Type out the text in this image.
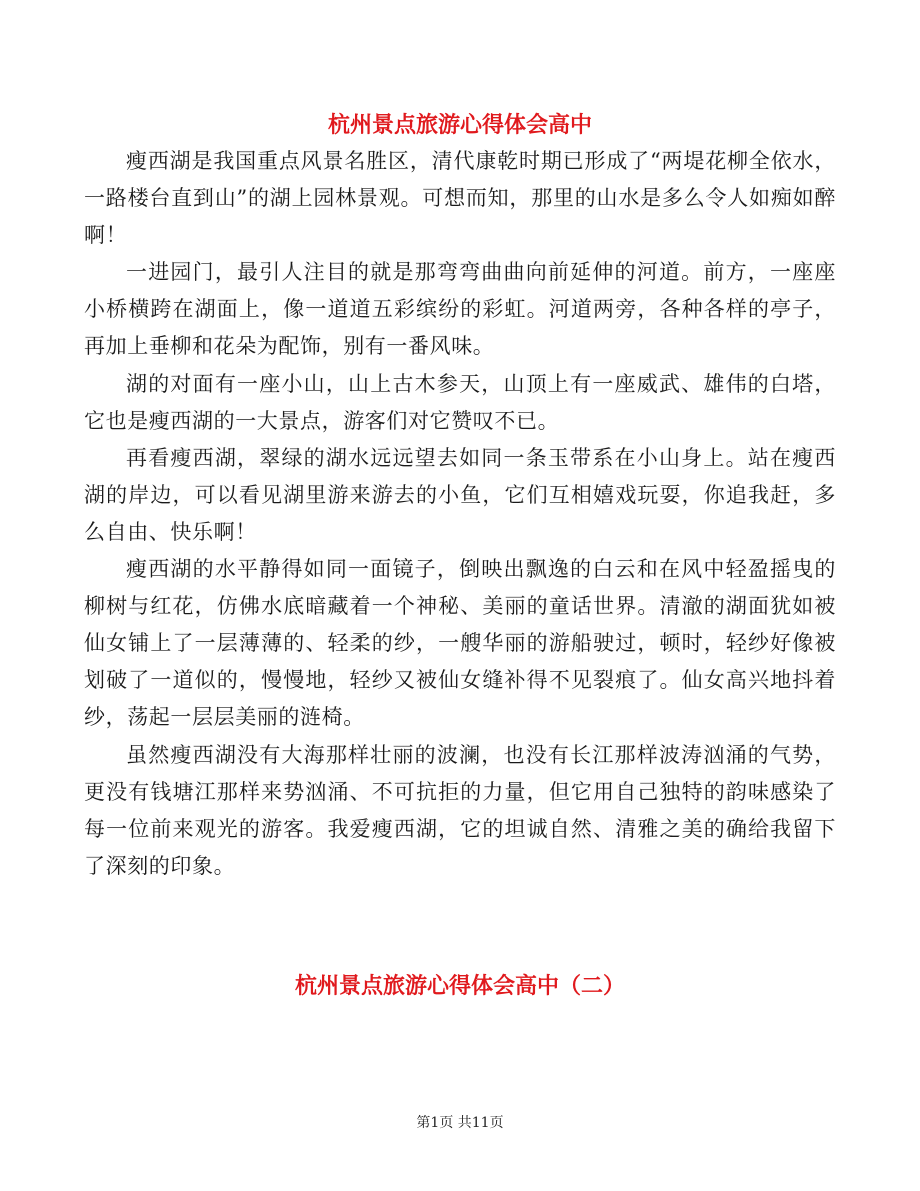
杭州景点旅游心得体会高中

瘦西湖是我国重点风景名胜区，清代康乾时期已形成了“两堤花柳全依水，一路楼台直到山”的湖上园林景观。可想而知，那里的山水是多么令人如痴如醉啊！

一进园门，最引人注目的就是那弯弯曲曲向前延伸的河道。前方，一座座小桥横跨在湖面上，像一道道五彩缤纷的彩虹。河道两旁，各种各样的亭子，再加上垂柳和花朵为配饰，别有一番风味。

湖的对面有一座小山，山上古木参天，山顶上有一座威武、雄伟的白塔，它也是瘦西湖的一大景点，游客们对它赞叹不已。

再看瘦西湖，翠绿的湖水远远望去如同一条玉带系在小山身上。站在瘦西湖的岸边，可以看见湖里游来游去的小鱼，它们互相嬉戏玩耍，你追我赶，多么自由、快乐啊！

瘦西湖的水平静得如同一面镜子，倒映出飘逸的白云和在风中轻盈摇曳的柳树与红花，仿佛水底暗藏着一个神秘、美丽的童话世界。清澈的湖面犹如被仙女铺上了一层薄薄的、轻柔的纱，一艘华丽的游船驶过，顿时，轻纱好像被划破了一道似的，慢慢地，轻纱又被仙女缝补得不见裂痕了。仙女高兴地抖着纱，荡起一层层美丽的涟椅。

虽然瘦西湖没有大海那样壮丽的波澜，也没有长江那样波涛汹涌的气势，更没有钱塘江那样来势汹涌、不可抗拒的力量，但它用自己独特的韵味感染了每一位前来观光的游客。我爱瘦西湖，它的坦诚自然、清雅之美的确给我留下了深刻的印象。

杭州景点旅游心得体会高中（二）
第1页 共11页
